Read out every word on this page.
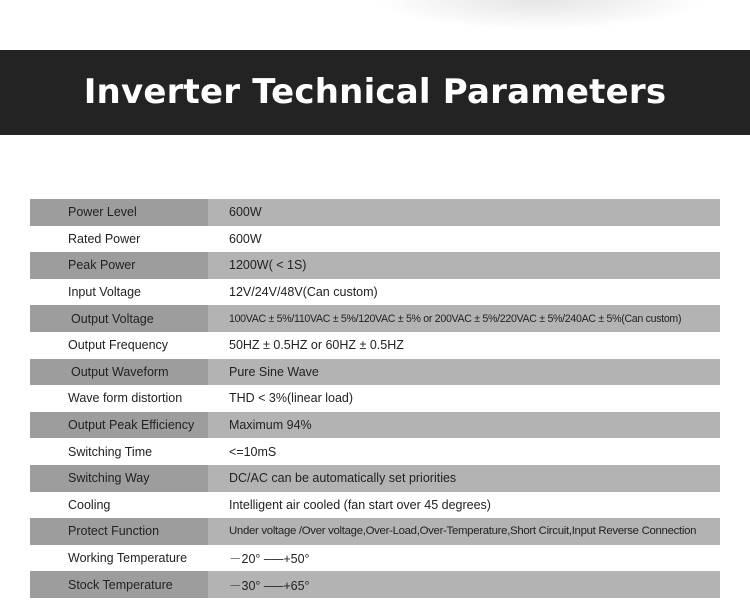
Inverter Technical Parameters
Power Level	600W
Rated Power	600W
Peak Power	1200W( < 1S)
Input Voltage	12V/24V/48V(Can custom)
Output Voltage	100VAC ± 5%/110VAC ± 5%/120VAC ± 5% or 200VAC ± 5%/220VAC ± 5%/240AC ± 5%(Can custom)
Output Frequency	50HZ ± 0.5HZ or 60HZ ± 0.5HZ
Output Waveform	Pure Sine Wave
Wave form distortion	THD < 3%(linear load)
Output Peak Efficiency	Maximum 94%
Switching Time	<=10mS
Switching Way	DC/AC can be automatically set priorities
Cooling	Intelligent air cooled (fan start over 45 degrees)
Protect Function	Under voltage /Over voltage,Over-Load,Over-Temperature,Short Circuit,Input Reverse Connection
Working Temperature	－20° –—+50°
Stock Temperature	－30° –—+65°
